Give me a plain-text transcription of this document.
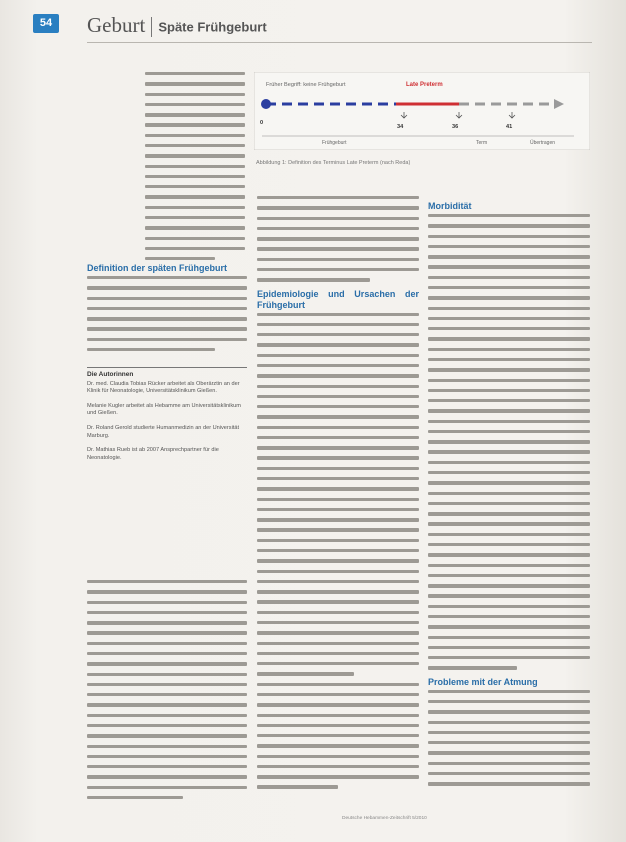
54	Geburt Späte Frühgeburt
Früher Begriff: keine Frühgeburt	Late Preterm
0
34	36	41
Frühgeburt	Term	Übertragen
Abbildung 1: Definition des Terminus Late Preterm (nach Reda)
Definition der späten Frühgeburt
Die Autorinnen
Dr. med. Claudia Tobias Rücker arbeitet als Oberärztin an der Klinik für Neonatologie, Universitätsklinikum Gießen.
Melanie Kugler arbeitet als Hebamme am Universitätsklinikum und Gießen.
Dr. Roland Gerold studierte Humanmedizin an der Universität Marburg.
Dr. Mathias Rueb ist ab 2007 Ansprechpartner für die Neonatologie.
Epidemiologie und Ursachen der Frühgeburt
Morbidität
Probleme mit der Atmung
Deutsche Hebammen-Zeitschrift 5/2010
